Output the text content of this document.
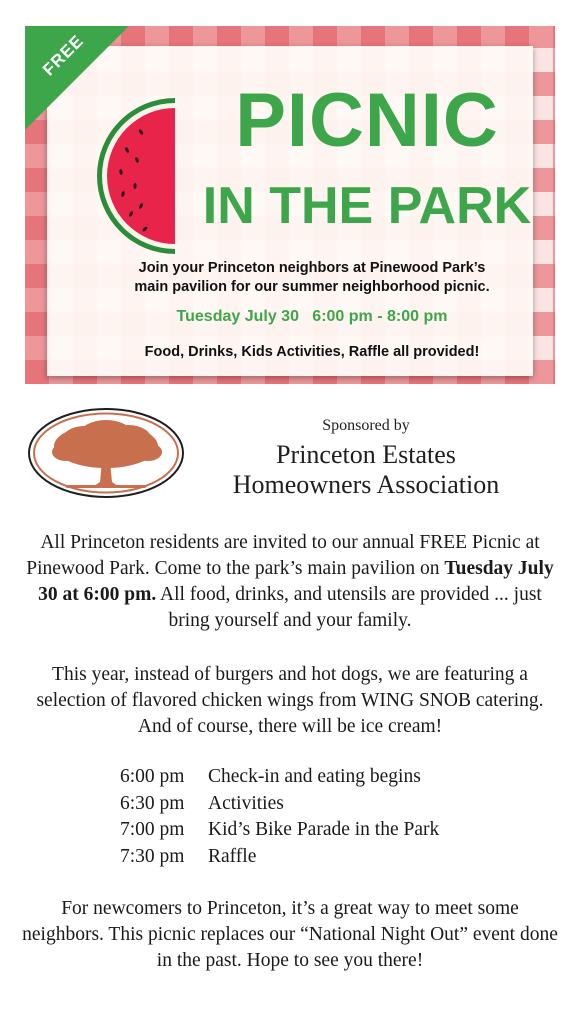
FREE
PICNIC
IN THE PARK
Join your Princeton neighbors at Pinewood Park’s
main pavilion for our summer neighborhood picnic.
Tuesday July 30   6:00 pm - 8:00 pm
Food, Drinks, Kids Activities, Raffle all provided!
Sponsored by
Princeton Estates
Homeowners Association
All Princeton residents are invited to our annual FREE Picnic at Pinewood Park. Come to the park’s main pavilion on Tuesday July 30 at 6:00 pm. All food, drinks, and utensils are provided ... just bring yourself and your family.
This year, instead of burgers and hot dogs, we are featuring a selection of flavored chicken wings from WING SNOB catering. And of course, there will be ice cream!
6:00 pm	Check-in and eating begins
6:30 pm	Activities
7:00 pm	Kid’s Bike Parade in the Park
7:30 pm	Raffle
For newcomers to Princeton, it’s a great way to meet some neighbors. This picnic replaces our “National Night Out” event done in the past. Hope to see you there!
